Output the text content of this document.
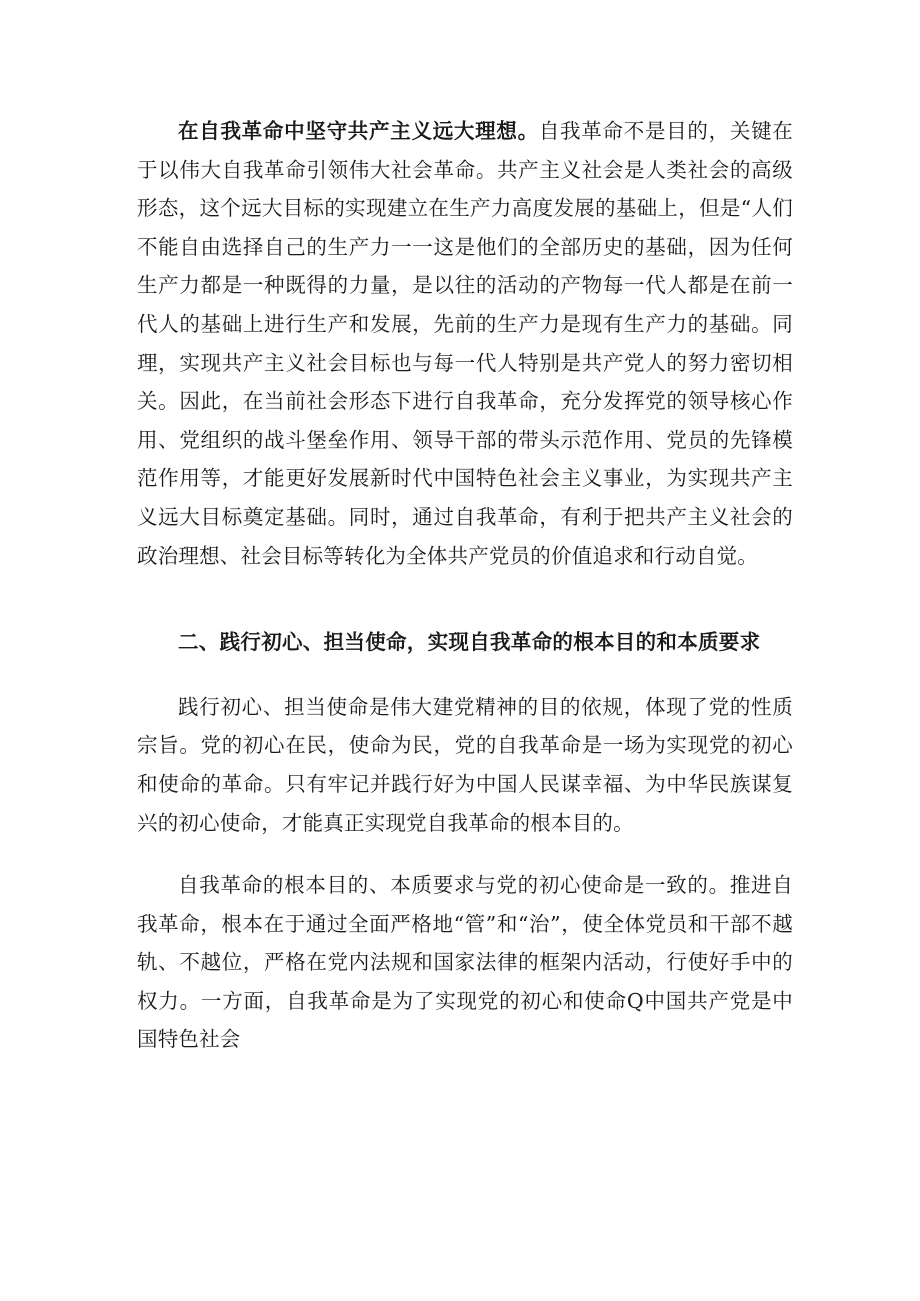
在自我革命中坚守共产主义远大理想。自我革命不是目的，关键在于以伟大自我革命引领伟大社会革命。共产主义社会是人类社会的高级形态，这个远大目标的实现建立在生产力高度发展的基础上，但是“人们不能自由选择自己的生产力一一这是他们的全部历史的基础，因为任何生产力都是一种既得的力量，是以往的活动的产物每一代人都是在前一代人的基础上进行生产和发展，先前的生产力是现有生产力的基础。同理，实现共产主义社会目标也与每一代人特别是共产党人的努力密切相关。因此，在当前社会形态下进行自我革命，充分发挥党的领导核心作用、党组织的战斗堡垒作用、领导干部的带头示范作用、党员的先锋模范作用等，才能更好发展新时代中国特色社会主义事业，为实现共产主义远大目标奠定基础。同时，通过自我革命，有利于把共产主义社会的政治理想、社会目标等转化为全体共产党员的价值追求和行动自觉。

二、践行初心、担当使命，实现自我革命的根本目的和本质要求

践行初心、担当使命是伟大建党精神的目的依规，体现了党的性质宗旨。党的初心在民，使命为民，党的自我革命是一场为实现党的初心和使命的革命。只有牢记并践行好为中国人民谋幸福、为中华民族谋复兴的初心使命，才能真正实现党自我革命的根本目的。

自我革命的根本目的、本质要求与党的初心使命是一致的。推进自我革命，根本在于通过全面严格地“管”和“治”，使全体党员和干部不越轨、不越位，严格在党内法规和国家法律的框架内活动，行使好手中的权力。一方面，自我革命是为了实现党的初心和使命Q中国共产党是中国特色社会
